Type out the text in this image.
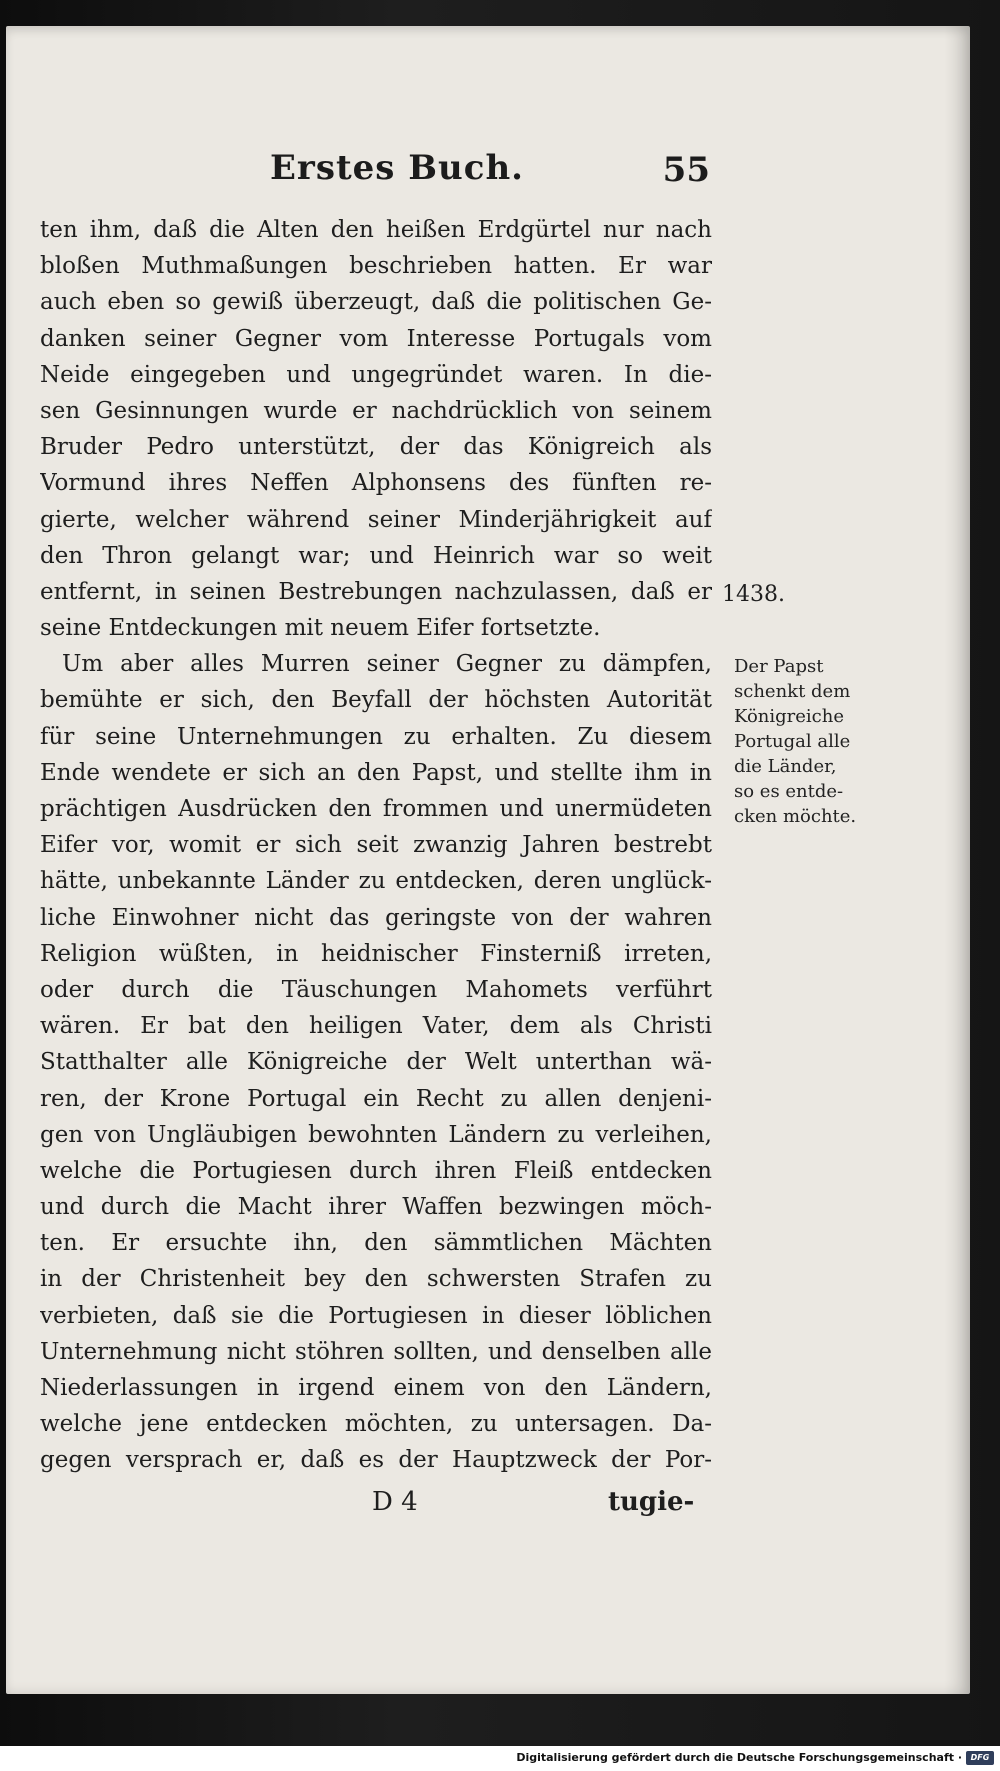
Erstes Buch.	55
ten ihm, daß die Alten den heißen Erdgürtel nur nach
bloßen Muthmaßungen beschrieben hatten. Er war
auch eben so gewiß überzeugt, daß die politischen Ge-
danken seiner Gegner vom Interesse Portugals vom
Neide eingegeben und ungegründet waren. In die-
sen Gesinnungen wurde er nachdrücklich von seinem
Bruder Pedro unterstützt, der das Königreich als
Vormund ihres Neffen Alphonsens des fünften re-
gierte, welcher während seiner Minderjährigkeit auf
den Thron gelangt war; und Heinrich war so weit
entfernt, in seinen Bestrebungen nachzulassen, daß er
seine Entdeckungen mit neuem Eifer fortsetzte.
Um aber alles Murren seiner Gegner zu dämpfen,
bemühte er sich, den Beyfall der höchsten Autorität
für seine Unternehmungen zu erhalten. Zu diesem
Ende wendete er sich an den Papst, und stellte ihm in
prächtigen Ausdrücken den frommen und unermüdeten
Eifer vor, womit er sich seit zwanzig Jahren bestrebt
hätte, unbekannte Länder zu entdecken, deren unglück-
liche Einwohner nicht das geringste von der wahren
Religion wüßten, in heidnischer Finsterniß irreten,
oder durch die Täuschungen Mahomets verführt
wären. Er bat den heiligen Vater, dem als Christi
Statthalter alle Königreiche der Welt unterthan wä-
ren, der Krone Portugal ein Recht zu allen denjeni-
gen von Ungläubigen bewohnten Ländern zu verleihen,
welche die Portugiesen durch ihren Fleiß entdecken
und durch die Macht ihrer Waffen bezwingen möch-
ten. Er ersuchte ihn, den sämmtlichen Mächten
in der Christenheit bey den schwersten Strafen zu
verbieten, daß sie die Portugiesen in dieser löblichen
Unternehmung nicht stöhren sollten, und denselben alle
Niederlassungen in irgend einem von den Ländern,
welche jene entdecken möchten, zu untersagen. Da-
gegen versprach er, daß es der Hauptzweck der Por-
1438.
Der Papst
schenkt dem
Königreiche
Portugal alle
die Länder,
so es entde-
cken möchte.
D 4	tugie-
Digitalisierung gefördert durch die Deutsche Forschungsgemeinschaft ·	DFG
